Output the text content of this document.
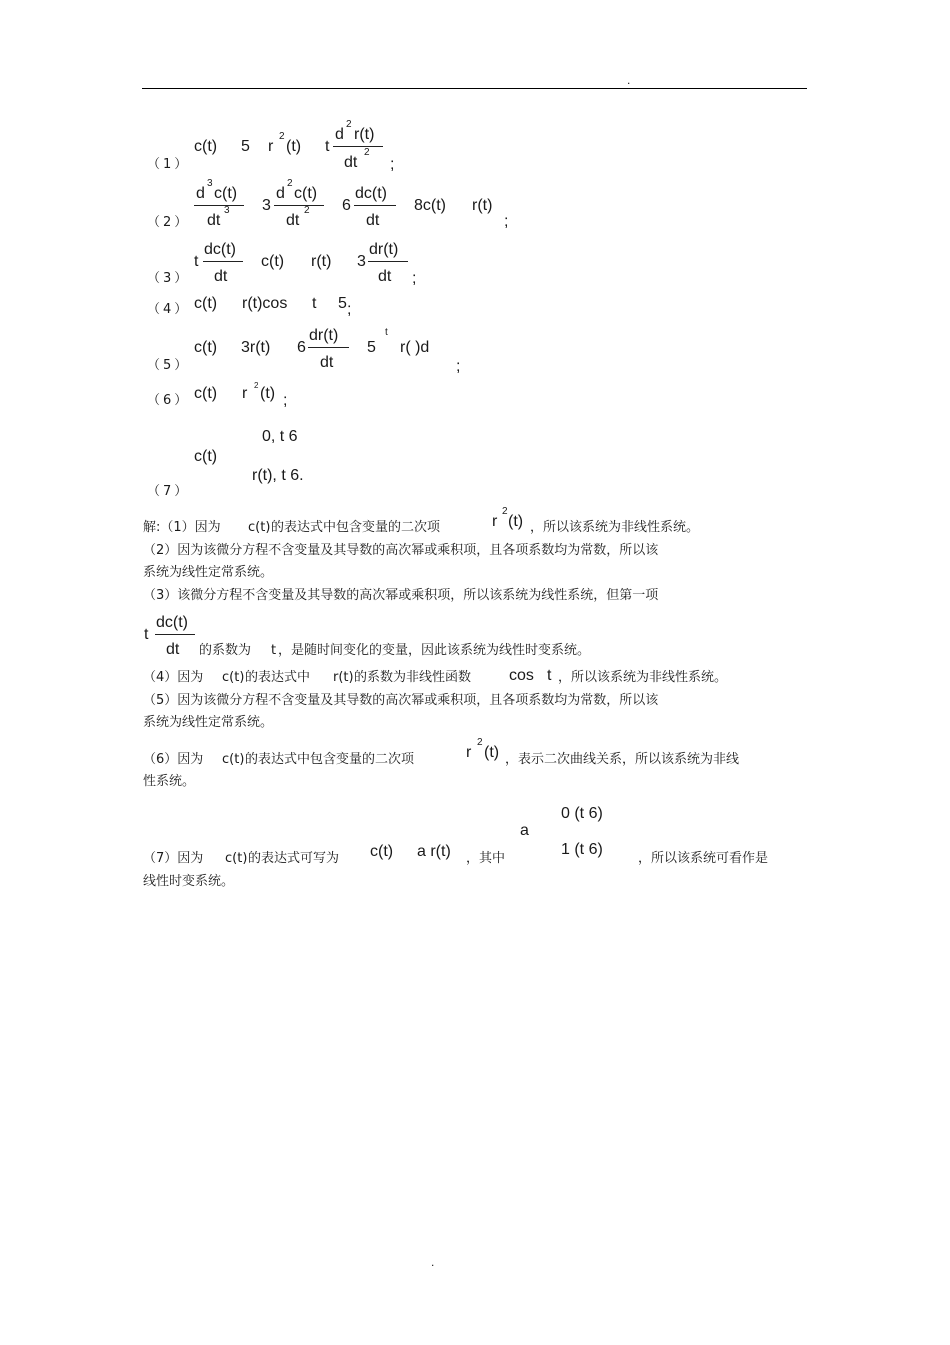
.
（1）
c(t) 5 r
2
(t) t
d
2
r(t)
dt
2
;
（2）
d
3
c(t)
dt
3 3
d
2
c(t)
dt
2 6
dc(t)
dt
8c(t) r(t)
;
（3）
t
dc(t)
dt
c(t) r(t) 3
dr(t)
dt ;
（4） c(t) r(t)cos t 5 ;
（5）
c(t) 3r(t) 6
dr(t)
dt
5
t
r( )d
;
（6） c(t) r 2 (t) ;
（7）
c(t)
0, t 6
r(t), t 6.
解:（1）因为 c(t) 的表达式中包含变量的二次项	r
2
(t) ，所以该系统为非线性系统。
（2）因为该微分方程不含变量及其导数的高次幂或乘积项，且各项系数均为常数，所以该
系统为线性定常系统。
（3）该微分方程不含变量及其导数的高次幂或乘积项，所以该系统为线性系统，但第一项
t
dc(t)
dt 的系数为 t ，是随时间变化的变量，因此该系统为线性时变系统。
（4）因为 c(t) 的表达式中 r(t) 的系数为非线性函数 cos t ，所以该系统为非线性系统。
（5）因为该微分方程不含变量及其导数的高次幂或乘积项，且各项系数均为常数，所以该
系统为线性定常系统。
（6）因为 c(t) 的表达式中包含变量的二次项	r
2
(t) ，表示二次曲线关系，所以该系统为非线
性系统。
0 (t 6)
a
1 (t 6)
（7）因为 c(t) 的表达式可写为 c(t) a r(t) ，其中	，所以该系统可看作是
线性时变系统。
.
